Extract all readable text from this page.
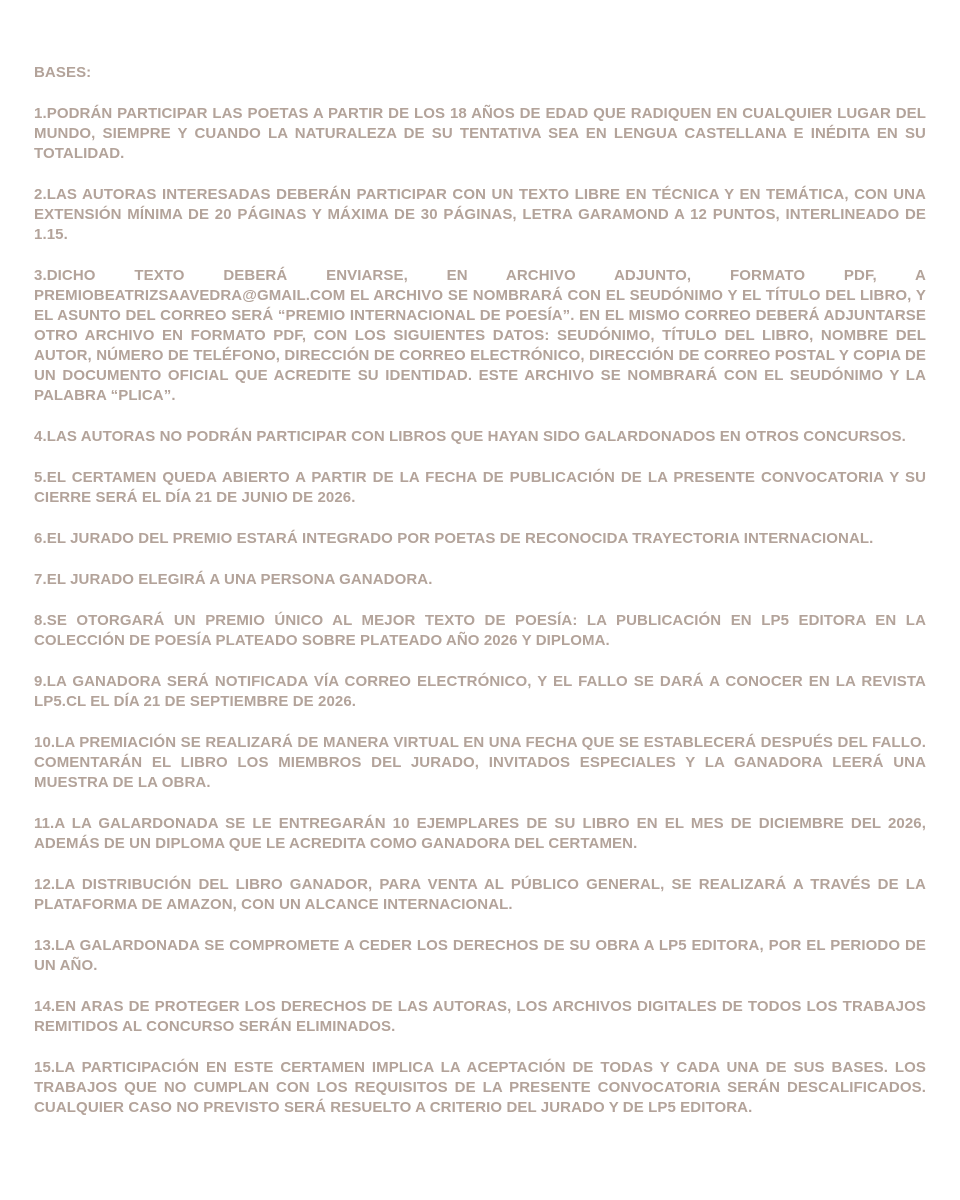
BASES:
1.PODRÁN PARTICIPAR LAS POETAS A PARTIR DE LOS 18 AÑOS DE EDAD QUE RADIQUEN EN CUALQUIER LUGAR DEL MUNDO, SIEMPRE Y CUANDO LA NATURALEZA DE SU TENTATIVA SEA EN LENGUA CASTELLANA E INÉDITA EN SU TOTALIDAD.
2.LAS AUTORAS INTERESADAS DEBERÁN PARTICIPAR CON UN TEXTO LIBRE EN TÉCNICA Y EN TEMÁTICA, CON UNA EXTENSIÓN MÍNIMA DE 20 PÁGINAS Y MÁXIMA DE 30 PÁGINAS, LETRA GARAMOND A 12 PUNTOS, INTERLINEADO DE 1.15.
3.DICHO TEXTO DEBERÁ ENVIARSE, EN ARCHIVO ADJUNTO, FORMATO PDF, A PREMIOBEATRIZSAAVEDRA@GMAIL.COM EL ARCHIVO SE NOMBRARÁ CON EL SEUDÓNIMO Y EL TÍTULO DEL LIBRO, Y EL ASUNTO DEL CORREO SERÁ “PREMIO INTERNACIONAL DE POESÍA”. EN EL MISMO CORREO DEBERÁ ADJUNTARSE OTRO ARCHIVO EN FORMATO PDF, CON LOS SIGUIENTES DATOS: SEUDÓNIMO, TÍTULO DEL LIBRO, NOMBRE DEL AUTOR, NÚMERO DE TELÉFONO, DIRECCIÓN DE CORREO ELECTRÓNICO, DIRECCIÓN DE CORREO POSTAL Y COPIA DE UN DOCUMENTO OFICIAL QUE ACREDITE SU IDENTIDAD. ESTE ARCHIVO SE NOMBRARÁ CON EL SEUDÓNIMO Y LA PALABRA “PLICA”.
4.LAS AUTORAS NO PODRÁN PARTICIPAR CON LIBROS QUE HAYAN SIDO GALARDONADOS EN OTROS CONCURSOS.
5.EL CERTAMEN QUEDA ABIERTO A PARTIR DE LA FECHA DE PUBLICACIÓN DE LA PRESENTE CONVOCATORIA Y SU CIERRE SERÁ EL DÍA 21 DE JUNIO DE 2026.
6.EL JURADO DEL PREMIO ESTARÁ INTEGRADO POR POETAS DE RECONOCIDA TRAYECTORIA INTERNACIONAL.
7.EL JURADO ELEGIRÁ A UNA PERSONA GANADORA.
8.SE OTORGARÁ UN PREMIO ÚNICO AL MEJOR TEXTO DE POESÍA: LA PUBLICACIÓN EN LP5 EDITORA EN LA COLECCIÓN DE POESÍA PLATEADO SOBRE PLATEADO AÑO 2026 Y DIPLOMA.
9.LA GANADORA SERÁ NOTIFICADA VÍA CORREO ELECTRÓNICO, Y EL FALLO SE DARÁ A CONOCER EN LA REVISTA LP5.CL EL DÍA 21 DE SEPTIEMBRE DE 2026.
10.LA PREMIACIÓN SE REALIZARÁ DE MANERA VIRTUAL EN UNA FECHA QUE SE ESTABLECERÁ DESPUÉS DEL FALLO. COMENTARÁN EL LIBRO LOS MIEMBROS DEL JURADO, INVITADOS ESPECIALES Y LA GANADORA LEERÁ UNA MUESTRA DE LA OBRA.
11.A LA GALARDONADA SE LE ENTREGARÁN 10 EJEMPLARES DE SU LIBRO EN EL MES DE DICIEMBRE DEL 2026, ADEMÁS DE UN DIPLOMA QUE LE ACREDITA COMO GANADORA DEL CERTAMEN.
12.LA DISTRIBUCIÓN DEL LIBRO GANADOR, PARA VENTA AL PÚBLICO GENERAL, SE REALIZARÁ A TRAVÉS DE LA PLATAFORMA DE AMAZON, CON UN ALCANCE INTERNACIONAL.
13.LA GALARDONADA SE COMPROMETE A CEDER LOS DERECHOS DE SU OBRA A LP5 EDITORA, POR EL PERIODO DE UN AÑO.
14.EN ARAS DE PROTEGER LOS DERECHOS DE LAS AUTORAS, LOS ARCHIVOS DIGITALES DE TODOS LOS TRABAJOS REMITIDOS AL CONCURSO SERÁN ELIMINADOS.
15.LA PARTICIPACIÓN EN ESTE CERTAMEN IMPLICA LA ACEPTACIÓN DE TODAS Y CADA UNA DE SUS BASES. LOS TRABAJOS QUE NO CUMPLAN CON LOS REQUISITOS DE LA PRESENTE CONVOCATORIA SERÁN DESCALIFICADOS. CUALQUIER CASO NO PREVISTO SERÁ RESUELTO A CRITERIO DEL JURADO Y DE LP5 EDITORA.
